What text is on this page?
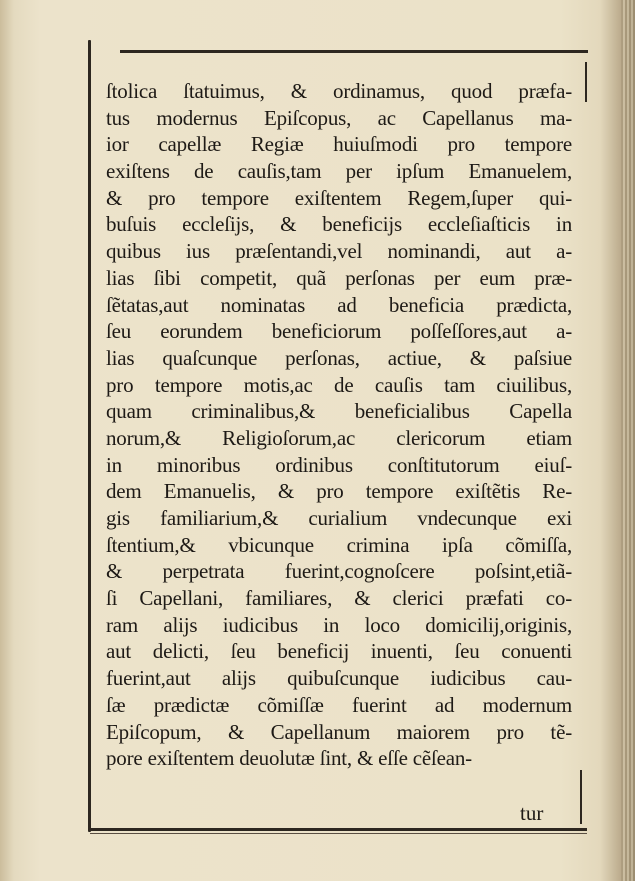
ſtolica ſtatuimus, & ordinamus, quod præfa-
tus modernus Epiſcopus, ac Capellanus ma-
ior capellæ Regiæ huiuſmodi pro tempore
exiſtens de cauſis,tam per ipſum Emanuelem,
& pro tempore exiſtentem Regem,ſuper qui-
buſuis eccleſijs, & beneficijs eccleſiaſticis in
quibus ius præſentandi,vel nominandi, aut a-
lias ſibi competit, quã perſonas per eum præ-
ſẽtatas,aut nominatas ad beneficia prædicta,
ſeu eorundem beneficiorum poſſeſſores,aut a-
lias quaſcunque perſonas, actiue, & paſsiue
pro tempore motis,ac de cauſis tam ciuilibus,
quam criminalibus,& beneficialibus Capella
norum,& Religioſorum,ac clericorum etiam
in minoribus ordinibus conſtitutorum eiuſ-
dem Emanuelis, & pro tempore exiſtẽtis Re-
gis familiarium,& curialium vndecunque exi
ſtentium,& vbicunque crimina ipſa cõmiſſa,
& perpetrata fuerint,cognoſcere poſsint,etiã-
ſi Capellani, familiares, & clerici præfati co-
ram alijs iudicibus in loco domicilij,originis,
aut delicti, ſeu beneficij inuenti, ſeu conuenti
fuerint,aut alijs quibuſcunque iudicibus cau-
ſæ prædictæ cõmiſſæ fuerint ad modernum
Epiſcopum, & Capellanum maiorem pro tẽ-
pore exiſtentem deuolutæ ſint, & eſſe cẽſean-
tur
